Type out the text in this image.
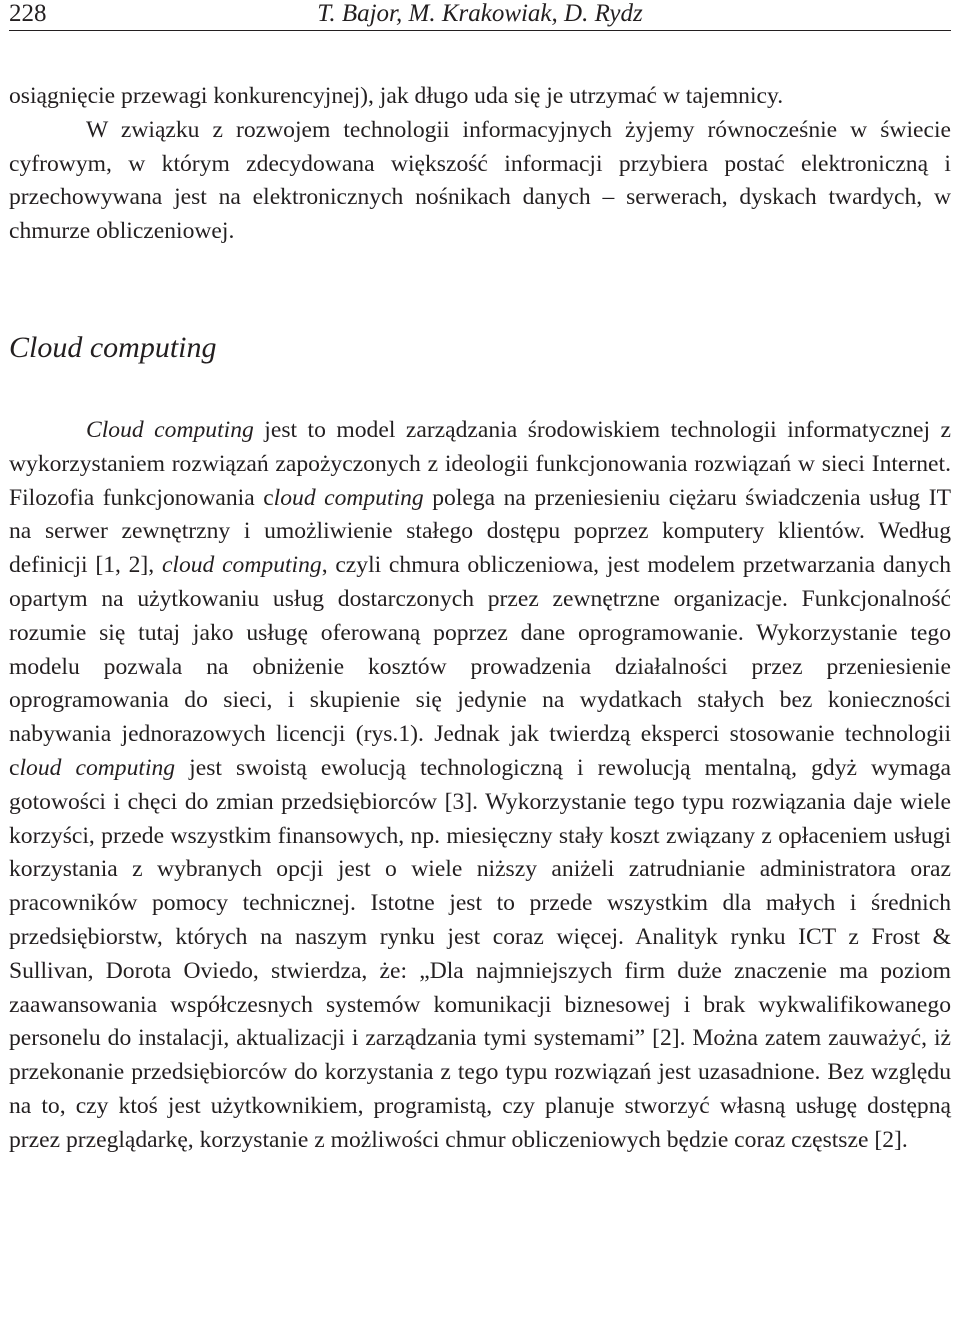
228	T. Bajor, M. Krakowiak, D. Rydz

osiągnięcie przewagi konkurencyjnej), jak długo uda się je utrzymać w tajemnicy.

W związku z rozwojem technologii informacyjnych żyjemy równocześnie w świecie cyfrowym, w którym zdecydowana większość informacji przybiera postać elektroniczną i przechowywana jest na elektronicznych nośnikach danych – serwerach, dyskach twardych, w chmurze obliczeniowej.

Cloud computing

Cloud computing jest to model zarządzania środowiskiem technologii informatycznej z wykorzystaniem rozwiązań zapożyczonych z ideologii funkcjonowania rozwiązań w sieci Internet. Filozofia funkcjonowania cloud computing polega na przeniesieniu ciężaru świadczenia usług IT na serwer zewnętrzny i umożliwienie stałego dostępu poprzez komputery klientów. Według definicji [1, 2], cloud computing, czyli chmura obliczeniowa, jest modelem przetwarzania danych opartym na użytkowaniu usług dostarczonych przez zewnętrzne organizacje. Funkcjonalność rozumie się tutaj jako usługę oferowaną poprzez dane oprogramowanie. Wykorzystanie tego modelu pozwala na obniżenie kosztów prowadzenia działalności przez przeniesienie oprogramowania do sieci, i skupienie się jedynie na wydatkach stałych bez konieczności nabywania jednorazowych licencji (rys.1). Jednak jak twierdzą eksperci stosowanie technologii cloud computing jest swoistą ewolucją technologiczną i rewolucją mentalną, gdyż wymaga gotowości i chęci do zmian przedsiębiorców [3]. Wykorzystanie tego typu rozwiązania daje wiele korzyści, przede wszystkim finansowych, np. miesięczny stały koszt związany z opłaceniem usługi korzystania z wybranych opcji jest o wiele niższy aniżeli zatrudnianie administratora oraz pracowników pomocy technicznej. Istotne jest to przede wszystkim dla małych i średnich przedsiębiorstw, których na naszym rynku jest coraz więcej. Analityk rynku ICT z Frost & Sullivan, Dorota Oviedo, stwierdza, że: „Dla najmniejszych firm duże znaczenie ma poziom zaawansowania współczesnych systemów komunikacji biznesowej i brak wykwalifikowanego personelu do instalacji, aktualizacji i zarządzania tymi systemami” [2]. Można zatem zauważyć, iż przekonanie przedsiębiorców do korzystania z tego typu rozwiązań jest uzasadnione. Bez względu na to, czy ktoś jest użytkownikiem, programistą, czy planuje stworzyć własną usługę dostępną przez przeglądarkę, korzystanie z możliwości chmur obliczeniowych będzie coraz częstsze [2].
